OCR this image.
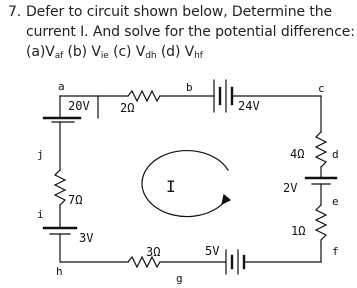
7. Defer to circuit shown below, Determine the
current I. And solve for the potential difference:
$(a)V_{af}$ (b) $V_{ie}$ (c) $V_{dh}$ (d) $V_{hf}$
a	b	c
d
e
f
g
h
i
j
20V	2Ω	24V
4Ω
2V
1Ω
7Ω
3V
3Ω	5V
I
